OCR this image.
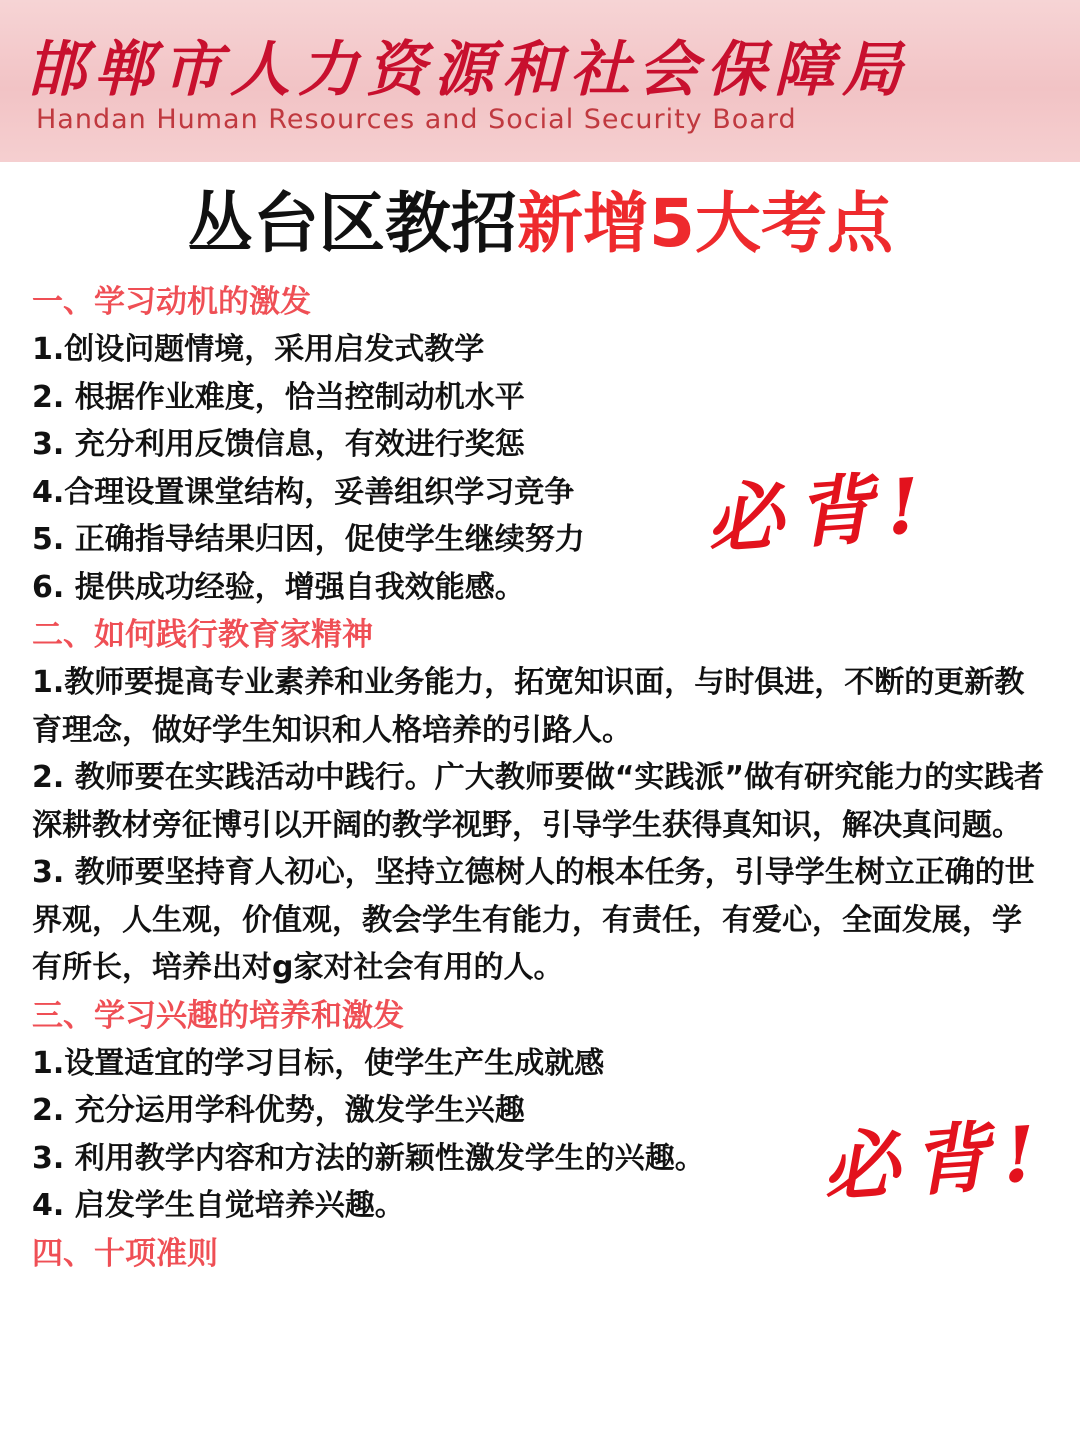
邯郸市人力资源和社会保障局
Handan Human Resources and Social Security Board
丛台区教招新增5大考点

一、学习动机的激发

1.创设问题情境，采用启发式教学

2. 根据作业难度，恰当控制动机水平

3. 充分利用反馈信息，有效进行奖惩

4.合理设置课堂结构，妥善组织学习竞争

5. 正确指导结果归因，促使学生继续努力

6. 提供成功经验，增强自我效能感。

二、如何践行教育家精神

1.教师要提高专业素养和业务能力，拓宽知识面，与时俱进，不断的更新教育理念，做好学生知识和人格培养的引路人。

2. 教师要在实践活动中践行。广大教师要做“实践派”做有研究能力的实践者深耕教材旁征博引以开阔的教学视野，引导学生获得真知识，解决真问题。

3. 教师要坚持育人初心，坚持立德树人的根本任务，引导学生树立正确的世界观，人生观，价值观，教会学生有能力，有责任，有爱心，全面发展，学有所长，培养出对g家对社会有用的人。

三、学习兴趣的培养和激发

1.设置适宜的学习目标，使学生产生成就感

2. 充分运用学科优势，激发学生兴趣

3. 利用教学内容和方法的新颖性激发学生的兴趣。

4. 启发学生自觉培养兴趣。

四、十项准则

必背!
必背!
